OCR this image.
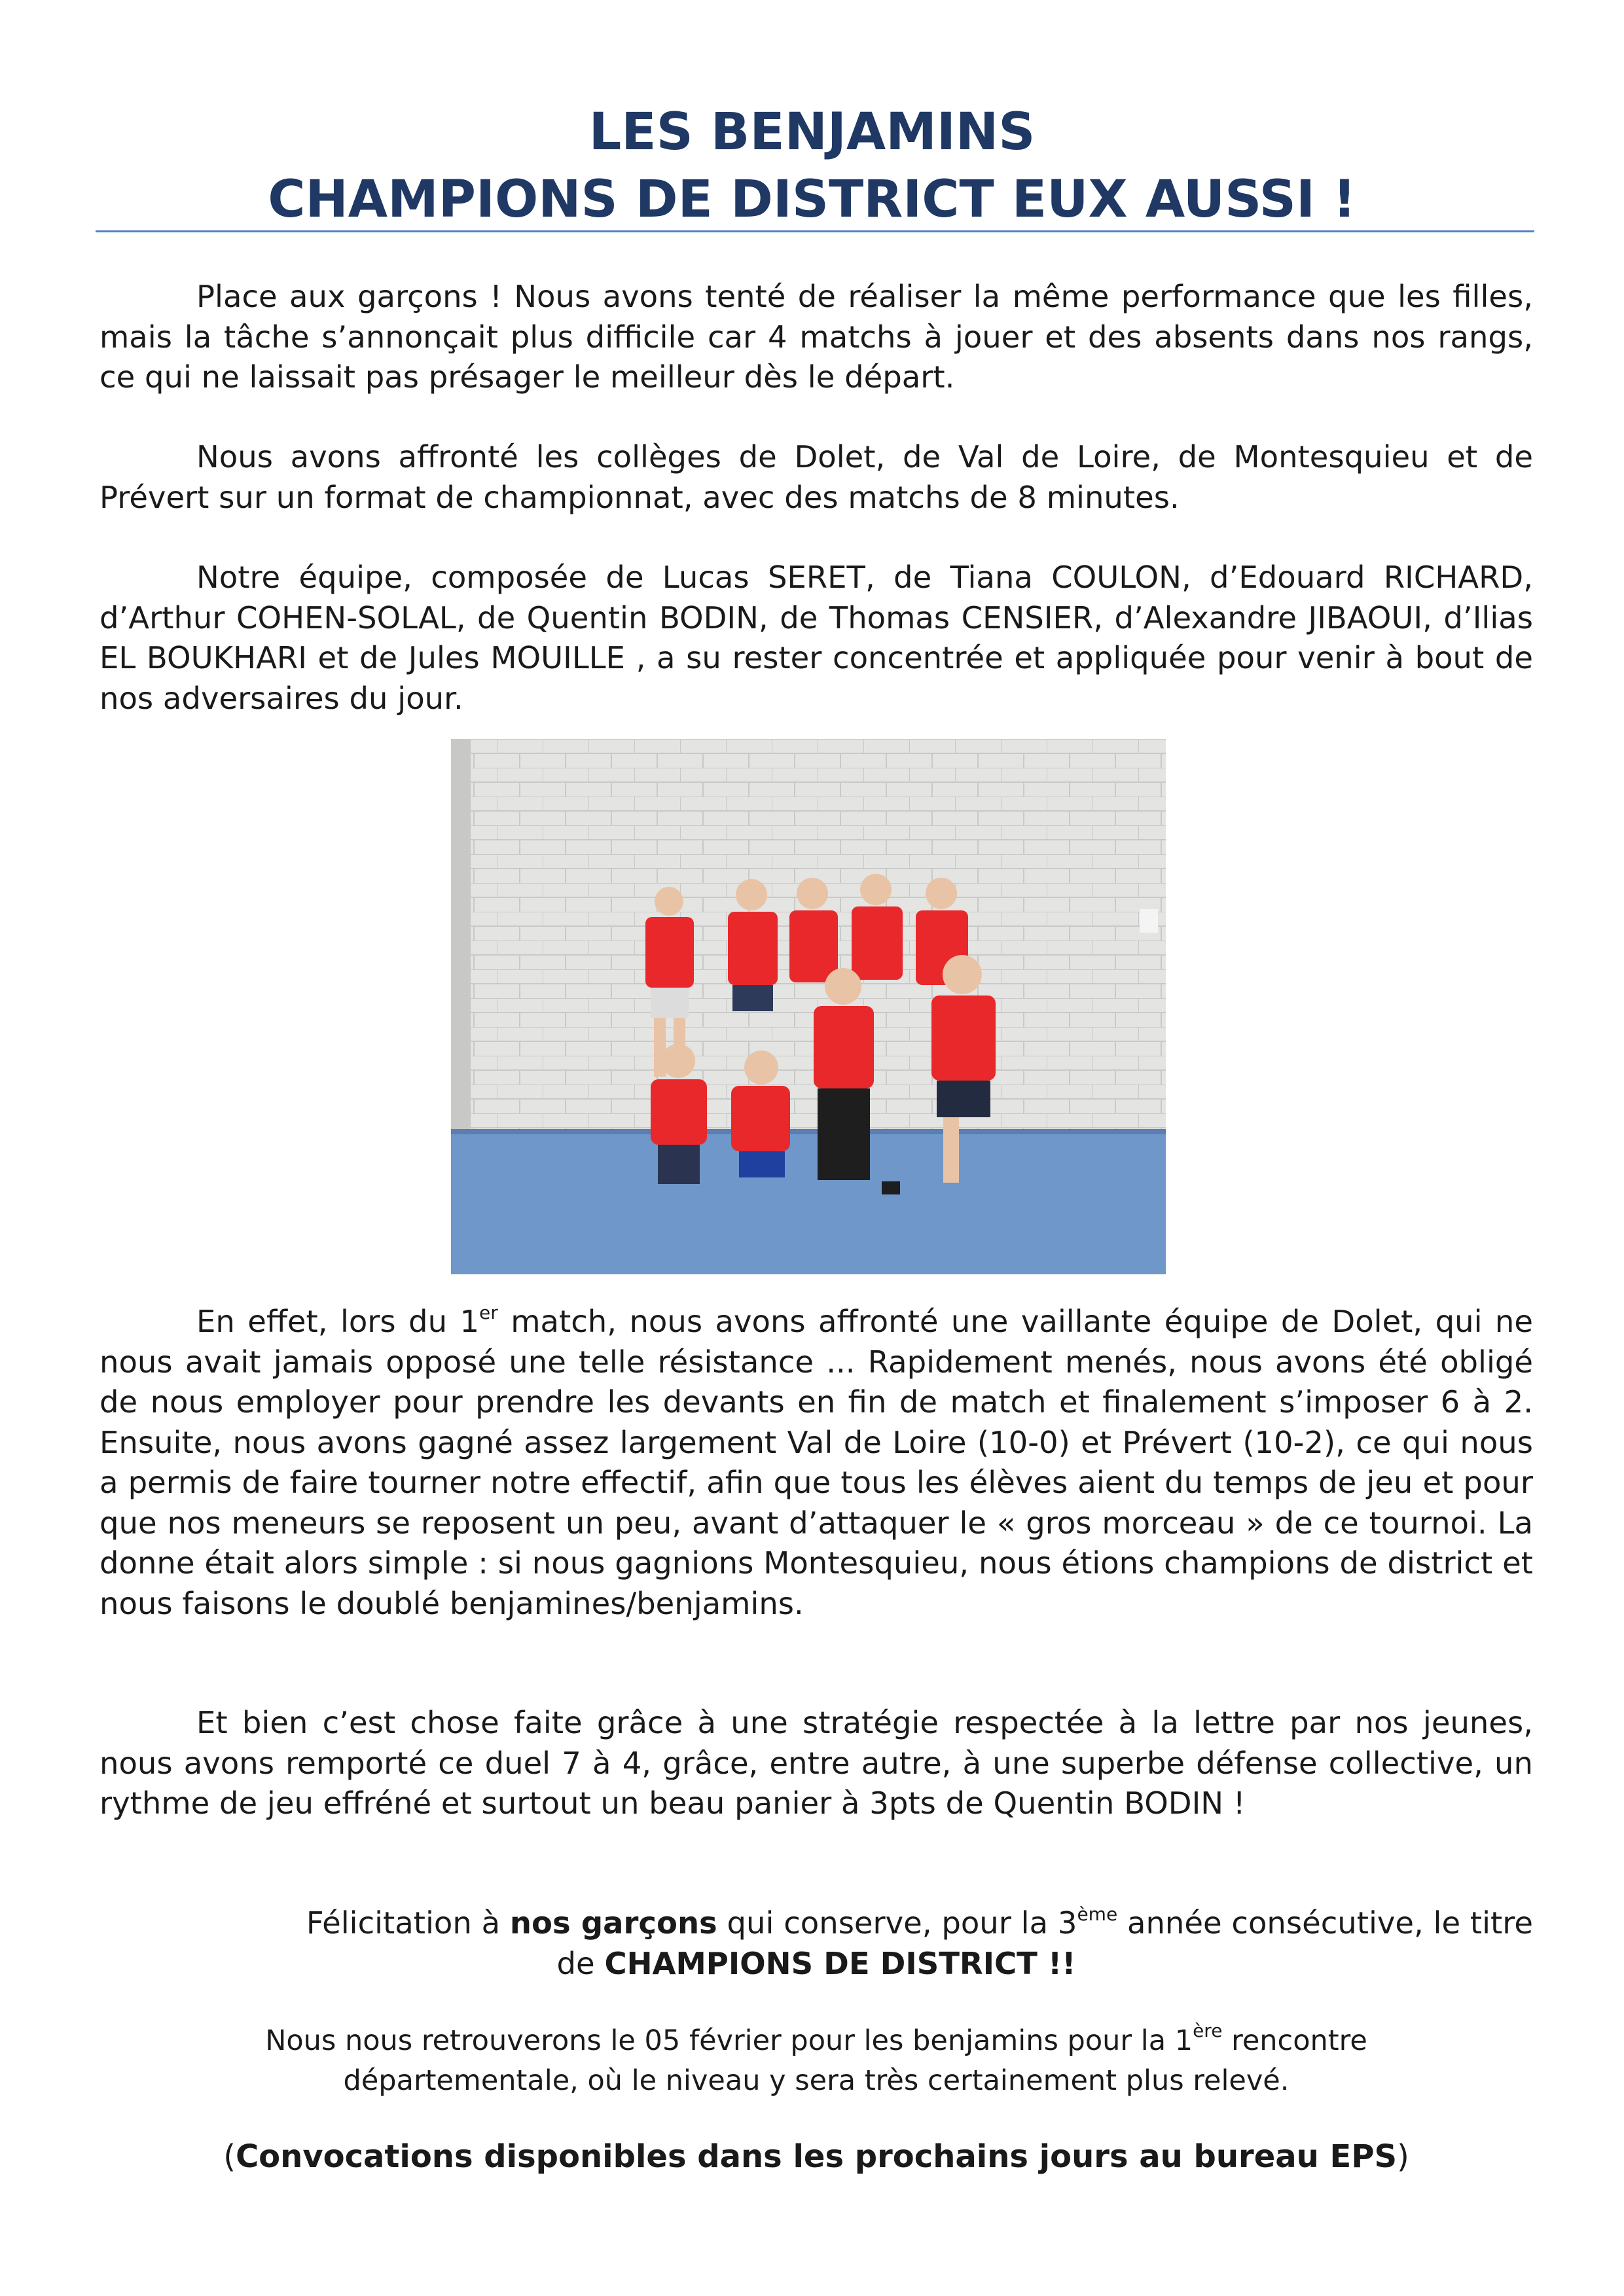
LES BENJAMINS
CHAMPIONS DE DISTRICT EUX AUSSI !

Place aux garçons ! Nous avons tenté de réaliser la même performance que les filles, mais la tâche s’annonçait plus difficile car 4 matchs à jouer et des absents dans nos rangs, ce qui ne laissait pas présager le meilleur dès le départ.

Nous avons affronté les collèges de Dolet, de Val de Loire, de Montesquieu et de Prévert sur un format de championnat, avec des matchs de 8 minutes.

Notre équipe, composée de Lucas SERET, de Tiana COULON, d’Edouard RICHARD, d’Arthur COHEN-SOLAL, de Quentin BODIN, de Thomas CENSIER, d’Alexandre JIBAOUI, d’Ilias EL BOUKHARI et de Jules MOUILLE , a su rester concentrée et appliquée pour venir à bout de nos adversaires du jour.

En effet, lors du 1er match, nous avons affronté une vaillante équipe de Dolet, qui ne nous avait jamais opposé une telle résistance ... Rapidement menés, nous avons été obligé de nous employer pour prendre les devants en fin de match et finalement s’imposer 6 à 2. Ensuite, nous avons gagné assez largement Val de Loire (10-0) et Prévert (10-2), ce qui nous a permis de faire tourner notre effectif, afin que tous les élèves aient du temps de jeu et pour que nos meneurs se reposent un peu, avant d’attaquer le « gros morceau » de ce tournoi. La donne était alors simple : si nous gagnions Montesquieu, nous étions champions de district et nous faisons le doublé benjamines/benjamins.

Et bien c’est chose faite grâce à une stratégie respectée à la lettre par nos jeunes, nous avons remporté ce duel 7 à 4, grâce, entre autre, à une superbe défense collective, un rythme de jeu effréné et surtout un beau panier à 3pts de Quentin BODIN !

Félicitation à nos garçons qui conserve, pour la 3ème année consécutive, le titre

de CHAMPIONS DE DISTRICT !!

Nous nous retrouverons le 05 février pour les benjamins pour la 1ère rencontre

départementale, où le niveau y sera très certainement plus relevé.

(Convocations disponibles dans les prochains jours au bureau EPS)
